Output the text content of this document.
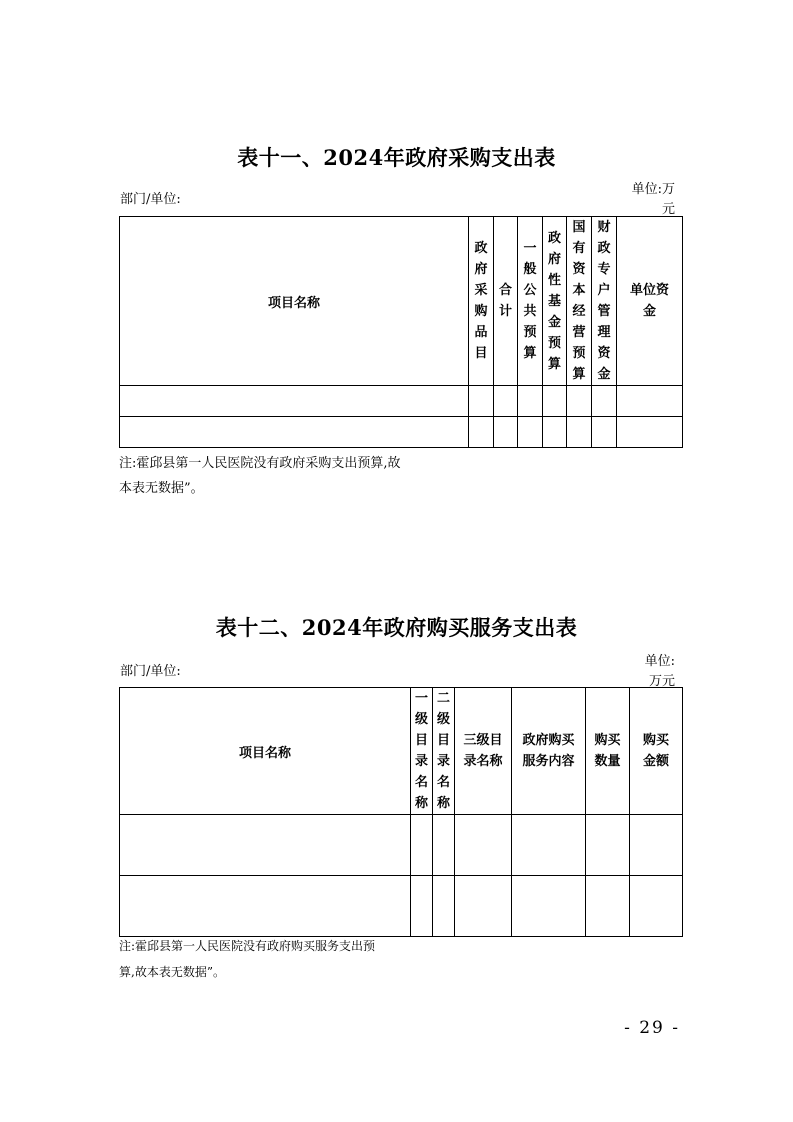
表十一、2024年政府采购支出表
部门/单位:
单位:万
元
项目名称	政府采购品目	合计	一般公共预算	政府性基金预算	国有资本经营预算	财政专户管理资金	单位资金

注:霍邱县第一人民医院没有政府采购支出预算,故
本表无数据”。
表十二、2024年政府购买服务支出表
部门/单位:
单位:
万元
项目名称	一级目录名称	二级目录名称	三级目录名称	政府购买服务内容	购买数量	购买金额

注:霍邱县第一人民医院没有政府购买服务支出预
算,故本表无数据”。
- 29 -
